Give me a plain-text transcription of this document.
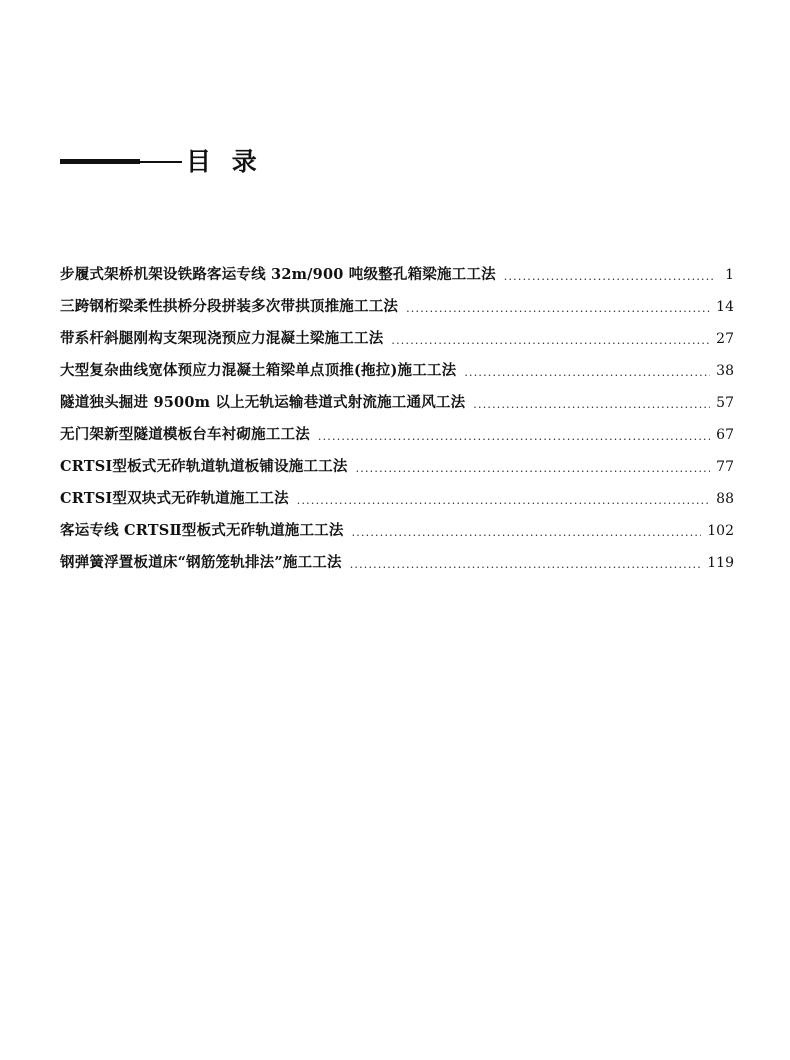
目 录
步履式架桥机架设铁路客运专线 32m/900 吨级整孔箱梁施工工法 ·····	1
三跨钢桁梁柔性拱桥分段拼装多次带拱顶推施工工法 ·····	14
带系杆斜腿刚构支架现浇预应力混凝土梁施工工法 ·····	27
大型复杂曲线宽体预应力混凝土箱梁单点顶推(拖拉)施工工法 ·····	38
隧道独头掘进 9500m 以上无轨运输巷道式射流施工通风工法 ·····	57
无门架新型隧道模板台车衬砌施工工法 ·····	67
CRTSⅠ型板式无砟轨道轨道板铺设施工工法 ·····	77
CRTSⅠ型双块式无砟轨道施工工法 ·····	88
客运专线 CRTSⅡ型板式无砟轨道施工工法 ·····	102
钢弹簧浮置板道床“钢筋笼轨排法”施工工法 ·····	119
